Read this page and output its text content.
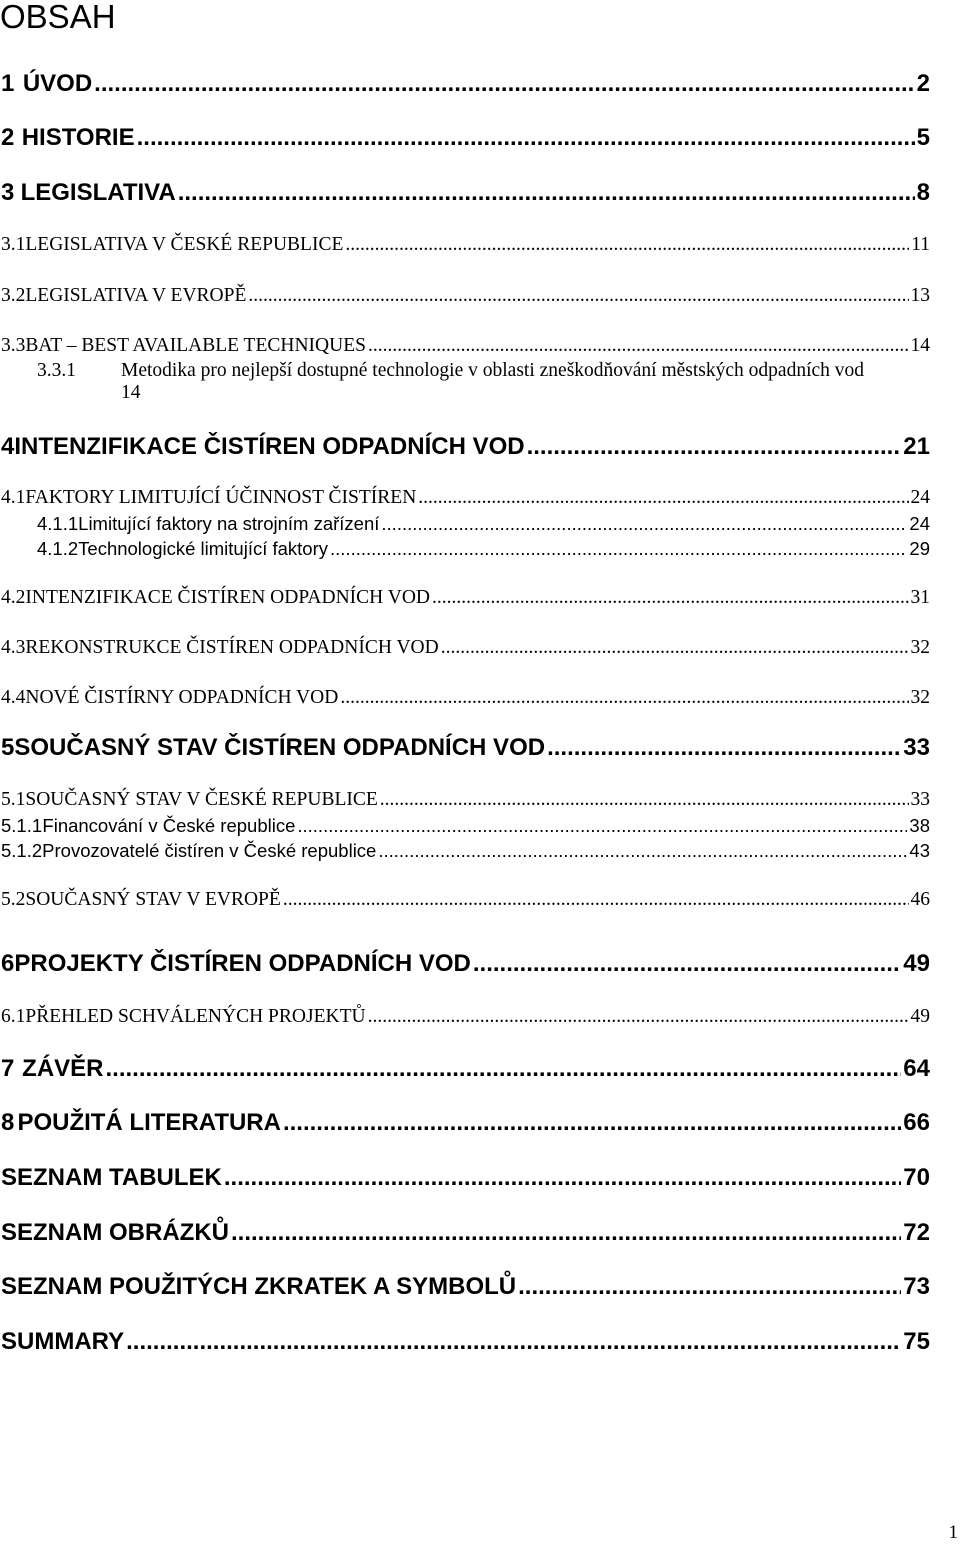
OBSAH
1 ÚVOD .....	2
2 HISTORIE .....	5
3 LEGISLATIVA .....	8
3.1 LEGISLATIVA V ČESKÉ REPUBLICE .....	11
3.2 LEGISLATIVA V EVROPĚ .....	13
3.3 BAT – BEST AVAILABLE TECHNIQUES .....	14
3.3.1	Metodika pro nejlepší dostupné technologie v oblasti zneškodňování městských odpadních vod
14
4 INTENZIFIKACE ČISTÍREN ODPADNÍCH VOD .....	21
4.1 FAKTORY LIMITUJÍCÍ ÚČINNOST ČISTÍREN .....	24
4.1.1 Limitující faktory na strojním zařízení .....	24
4.1.2 Technologické limitující faktory .....	29
4.2 INTENZIFIKACE ČISTÍREN ODPADNÍCH VOD .....	31
4.3 REKONSTRUKCE ČISTÍREN ODPADNÍCH VOD .....	32
4.4 NOVÉ ČISTÍRNY ODPADNÍCH VOD .....	32
5 SOUČASNÝ STAV ČISTÍREN ODPADNÍCH VOD .....	33
5.1 SOUČASNÝ STAV V ČESKÉ REPUBLICE .....	33
5.1.1 Financování v České republice .....	38
5.1.2 Provozovatelé čistíren v České republice .....	43
5.2 SOUČASNÝ STAV V EVROPĚ .....	46
6 PROJEKTY ČISTÍREN ODPADNÍCH VOD .....	49
6.1 PŘEHLED SCHVÁLENÝCH PROJEKTŮ .....	49
7 ZÁVĚR .....	64
8 POUŽITÁ LITERATURA .....	66
SEZNAM TABULEK .....	70
SEZNAM OBRÁZKŮ .....	72
SEZNAM POUŽITÝCH ZKRATEK A SYMBOLŮ .....	73
SUMMARY .....	75
1
